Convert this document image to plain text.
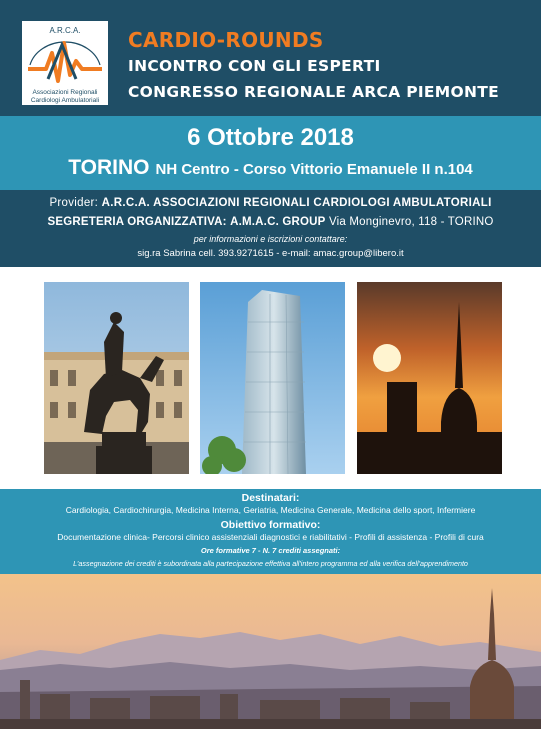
A.R.C.A.
Associazioni Regionali
Cardiologi Ambulatoriali
CARDIO-ROUNDS
INCONTRO CON GLI ESPERTI
CONGRESSO REGIONALE ARCA PIEMONTE
6 Ottobre 2018
TORINO NH Centro - Corso Vittorio Emanuele II n.104
Provider: A.R.C.A. ASSOCIAZIONI REGIONALI CARDIOLOGI AMBULATORIALI
SEGRETERIA ORGANIZZATIVA: A.M.A.C. GROUP Via Monginevro, 118 - TORINO
per informazioni e iscrizioni contattare:
sig.ra Sabrina cell. 393.9271615 - e-mail: amac.group@libero.it
Destinatari:
Cardiologia, Cardiochirurgia, Medicina Interna, Geriatria, Medicina Generale, Medicina dello sport, Infermiere
Obiettivo formativo:
Documentazione clinica- Percorsi clinico assistenziali diagnostici e riabilitativi - Profili di assistenza - Profili di cura
Ore formative 7 - N. 7 crediti assegnati:
L'assegnazione dei crediti è subordinata alla partecipazione effettiva all'intero programma ed alla verifica dell'apprendimento
